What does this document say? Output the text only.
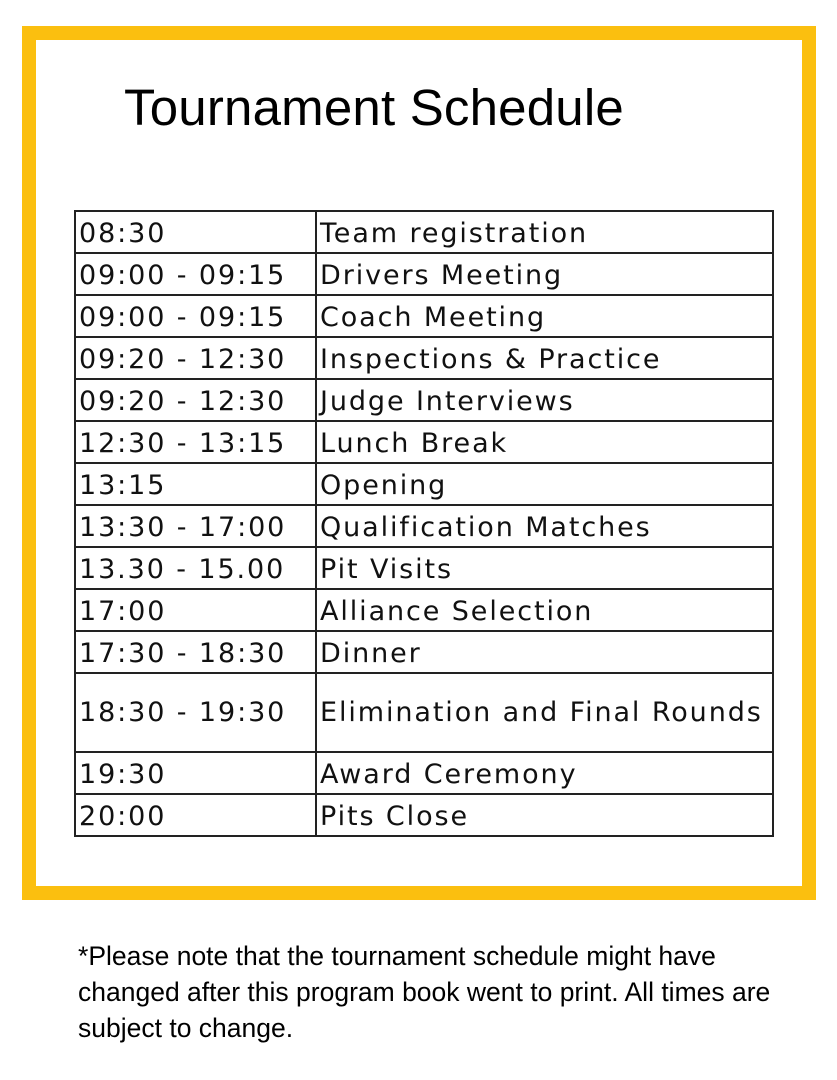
Tournament Schedule
08:30	Team registration
09:00 - 09:15	Drivers Meeting
09:00 - 09:15	Coach Meeting
09:20 - 12:30	Inspections & Practice
09:20 - 12:30	Judge Interviews
12:30 - 13:15	Lunch Break
13:15	Opening
13:30 - 17:00	Qualification Matches
13.30 - 15.00	Pit Visits
17:00	Alliance Selection
17:30 - 18:30	Dinner
18:30 - 19:30	Elimination and Final Rounds
19:30	Award Ceremony
20:00	Pits Close

*Please note that the tournament schedule might have changed after this program book went to print. All times are subject to change.
